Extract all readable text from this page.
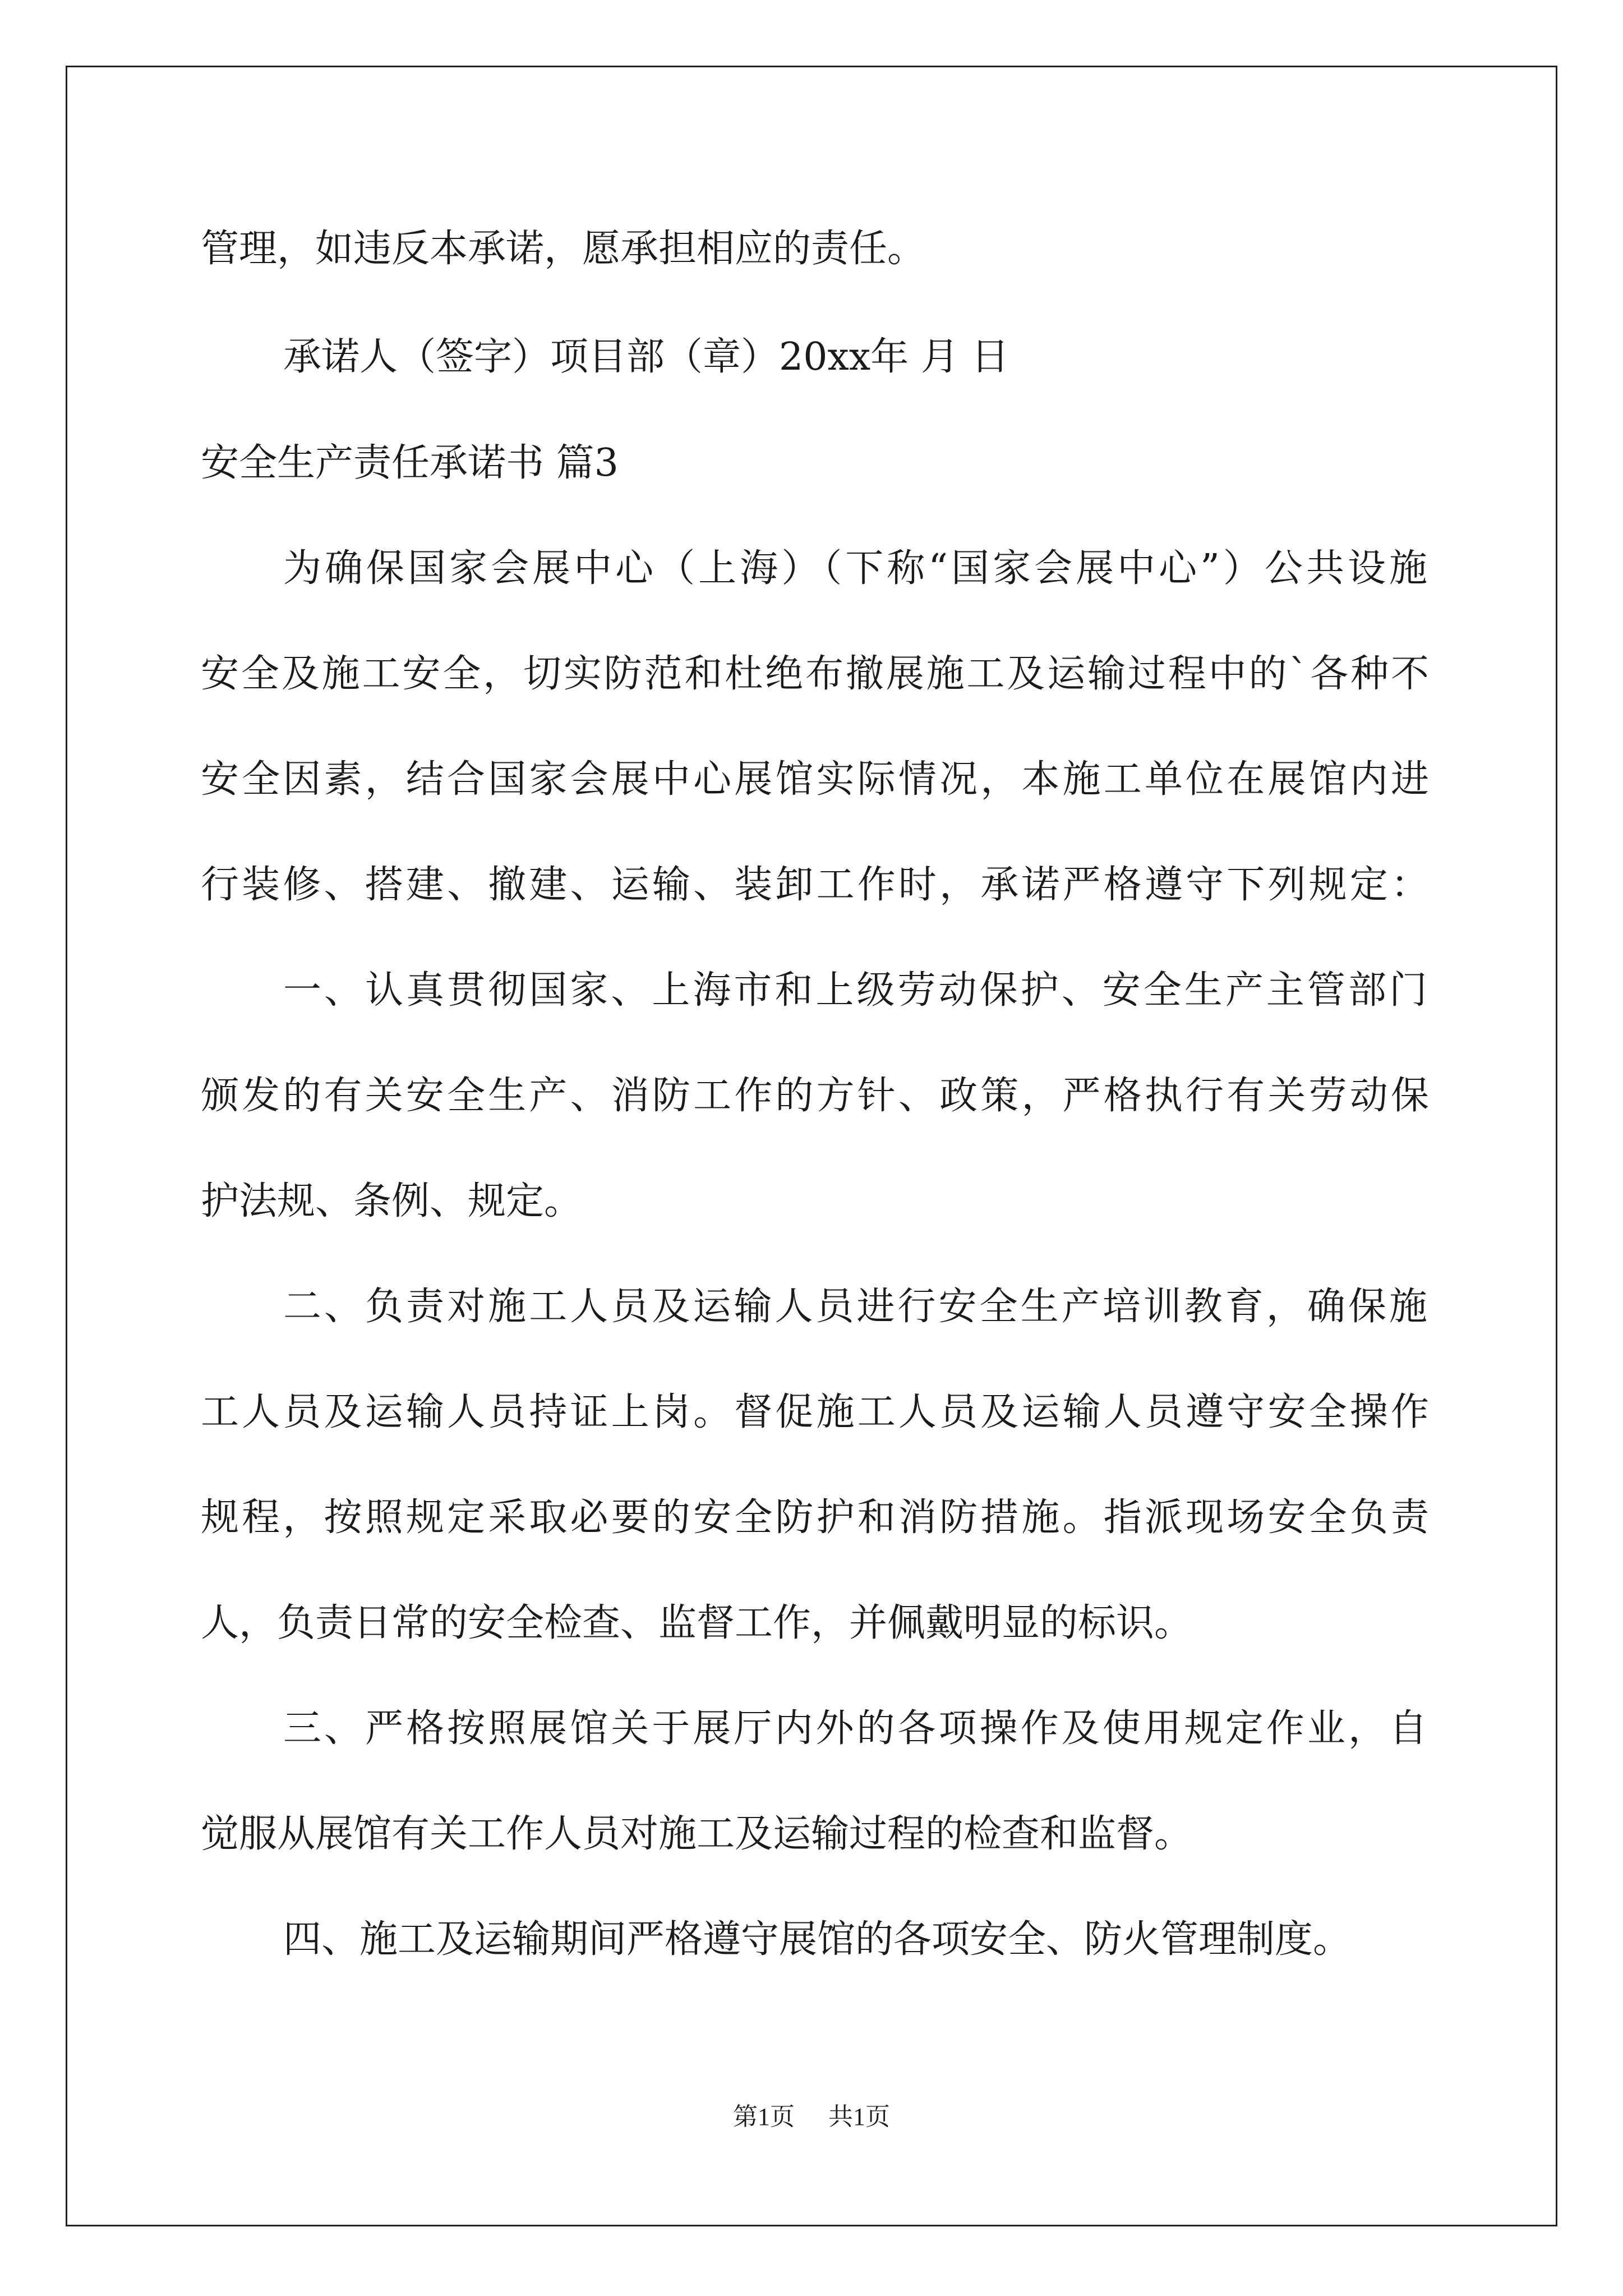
管理，如违反本承诺，愿承担相应的责任。
承诺人（签字）项目部（章）20xx年 月 日
安全生产责任承诺书 篇3
为确保国家会展中心（上海）（下称“国家会展中心”）公共设施
安全及施工安全，切实防范和杜绝布撤展施工及运输过程中的`各种不
安全因素，结合国家会展中心展馆实际情况，本施工单位在展馆内进
行装修、搭建、撤建、运输、装卸工作时，承诺严格遵守下列规定：
一、认真贯彻国家、上海市和上级劳动保护、安全生产主管部门
颁发的有关安全生产、消防工作的方针、政策，严格执行有关劳动保
护法规、条例、规定。
二、负责对施工人员及运输人员进行安全生产培训教育，确保施
工人员及运输人员持证上岗。督促施工人员及运输人员遵守安全操作
规程，按照规定采取必要的安全防护和消防措施。指派现场安全负责
人，负责日常的安全检查、监督工作，并佩戴明显的标识。
三、严格按照展馆关于展厅内外的各项操作及使用规定作业，自
觉服从展馆有关工作人员对施工及运输过程的检查和监督。
四、施工及运输期间严格遵守展馆的各项安全、防火管理制度。
第1页 共1页
